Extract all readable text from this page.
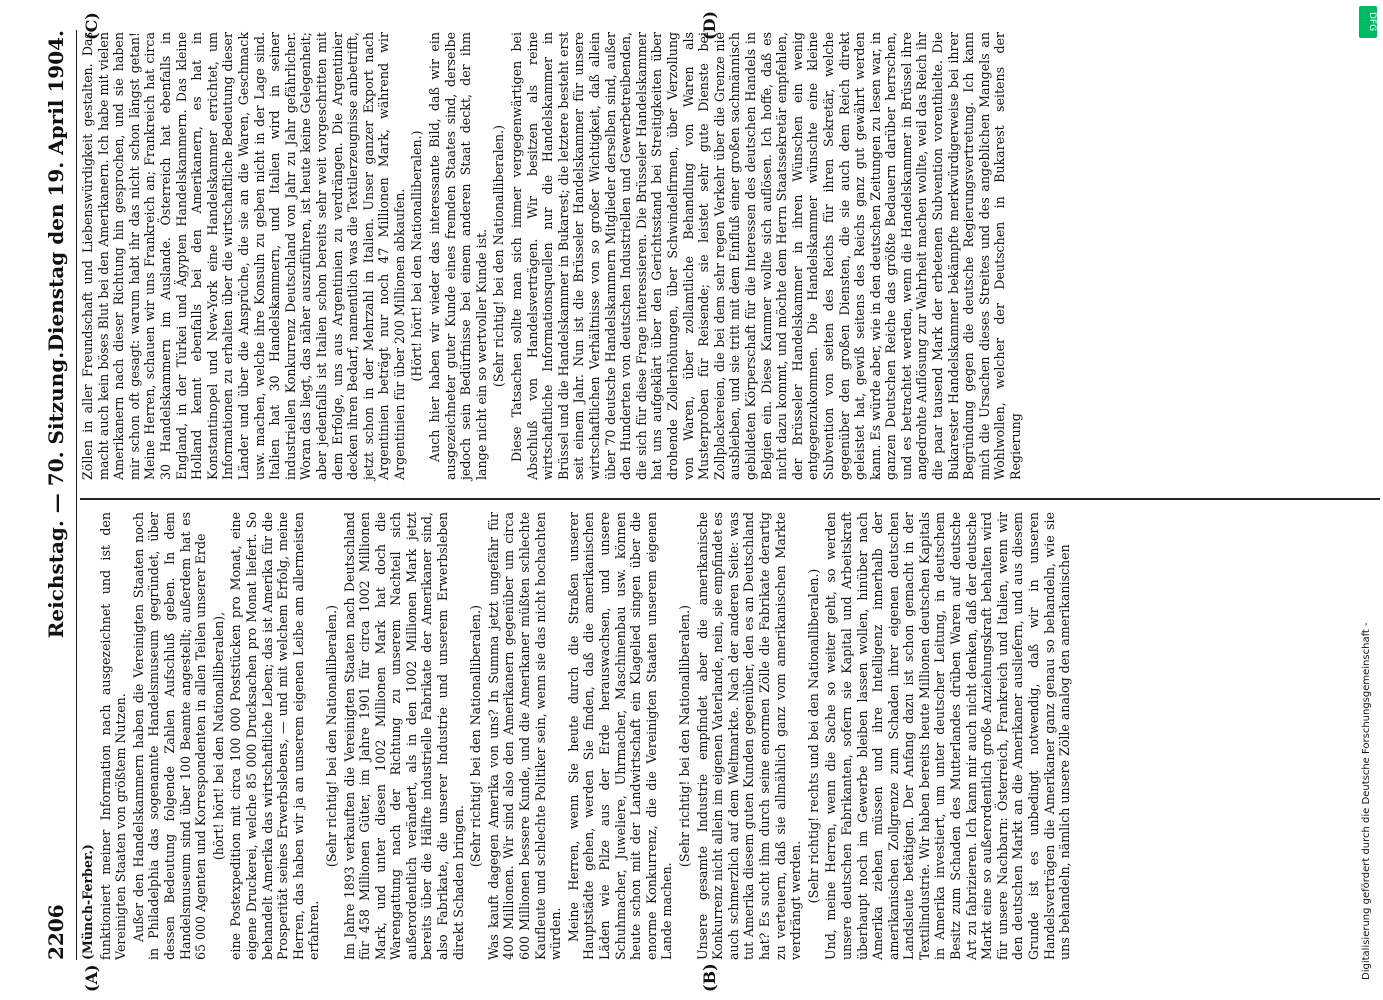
2206
Reichstag. — 70. Sitzung.
Dienstag den 19. April 1904.

(Münch-Ferber.) funktioniert meiner Information nach ausgezeichnet und ist den Vereinigten Staaten von größtem Nutzen. Außer den Handelskammern haben die Vereinigten Staaten noch in Philadelphia das sogenannte Handelsmuseum gegründet, über dessen Bedeutung folgende Zahlen Aufschluß geben. In dem Handelsmuseum sind über 100 Beamte angestellt; außerdem hat es 65 000 Agenten und Korrespondenten in allen Teilen unserer Erde (hört! hört! bei den Nationalliberalen), eine Postexpedition mit circa 100 000 Poststücken pro Monat, eine eigene Druckerei, welche 85 000 Drucksachen pro Monat liefert. So behandelt Amerika das wirtschaftliche Leben; das ist Amerika für die Prosperität seines Erwerbslebens, — und mit welchem Erfolg, meine Herren, das haben wir ja an unserem eigenen Leibe am allermeisten erfahren.

(Sehr richtig! bei den Nationalliberalen.) Im Jahre 1893 verkauften die Vereinigten Staaten nach Deutschland für 458 Millionen Güter, im Jahre 1901 für circa 1002 Millionen Mark, und unter diesen 1002 Millionen Mark hat doch die Warengattung nach der Richtung zu unserem Nachteil sich außerordentlich verändert, als in den 1002 Millionen Mark jetzt bereits über die Hälfte industrielle Fabrikate der Amerikaner sind, also Fabrikate, die unserer Industrie und unserem Erwerbsleben direkt Schaden bringen.

(Sehr richtig! bei den Nationalliberalen.) Was kauft dagegen Amerika von uns? In Summa jetzt ungefähr für 400 Millionen. Wir sind also den Amerikanern gegenüber um circa 600 Millionen bessere Kunde, und die Amerikaner müßten schlechte Kaufleute und schlechte Politiker sein, wenn sie das nicht hochachten würden. Meine Herren, wenn Sie heute durch die Straßen unserer Hauptstädte gehen, werden Sie finden, daß die amerikanischen Läden wie Pilze aus der Erde herauswachsen, und unsere Schuhmacher, Juweliere, Uhrmacher, Maschinenbau usw. können heute schon mit der Landwirtschaft ein Klagelied singen über die enorme Konkurrenz, die die Vereinigten Staaten unserem eigenen Lande machen.

(Sehr richtig! bei den Nationalliberalen.) Unsere gesamte Industrie empfindet aber die amerikanische Konkurrenz nicht allein im eigenen Vaterlande, nein, sie empfindet es auch schmerzlich auf dem Weltmarkte. Nach der anderen Seite: was tut Amerika diesem guten Kunden gegenüber, den es an Deutschland hat? Es sucht ihm durch seine enormen Zölle die Fabrikate derartig zu verteuern, daß sie allmählich ganz vom amerikanischen Markte verdrängt werden. (Sehr richtig! rechts und bei den Nationalliberalen.) Und, meine Herren, wenn die Sache so weiter geht, so werden unsere deutschen Fabrikanten, sofern sie Kapital und Arbeitskraft überhaupt noch im Gewerbe bleiben lassen wollen, hinüber nach Amerika ziehen müssen und ihre Intelligenz innerhalb der amerikanischen Zollgrenze zum Schaden ihrer eigenen deutschen Landsleute betätigen. Der Anfang dazu ist schon gemacht in der Textilindustrie. Wir haben bereits heute Millionen deutschen Kapitals in Amerika investiert, um unter deutscher Leitung, in deutschem Besitz zum Schaden des Mutterlandes drüben Waren auf deutsche Art zu fabrizieren. Ich kann mir auch nicht denken, daß der deutsche Markt eine so außerordentlich große Anziehungskraft behalten wird für unsere Nachbarn: Österreich, Frankreich und Italien, wenn wir den deutschen Markt an die Amerikaner ausliefern, und aus diesem Grunde ist es unbedingt notwendig, daß wir in unseren Handelsverträgen die Amerikaner ganz genau so behandeln, wie sie uns behandeln, nämlich unsere Zölle analog den amerikanischen

Zöllen in aller Freundschaft und Liebenswürdigkeit gestalten. Das macht auch kein böses Blut bei den Amerikanern. Ich habe mit vielen Amerikanern nach dieser Richtung hin gesprochen, und sie haben mir schon oft gesagt: warum habt ihr das nicht schon längst getan! Meine Herren, schauen wir uns Frankreich an; Frankreich hat circa 30 Handelskammern im Auslande. Österreich hat ebenfalls in England, in der Türkei und Ägypten Handelskammern. Das kleine Holland kennt ebenfalls bei den Amerikanern, es hat in Konstantinopel und New-York eine Handelskammer errichtet, um Informationen zu erhalten über die wirtschaftliche Bedeutung dieser Länder und über die Ansprüche, die sie an die Waren, Geschmack usw. machen, welche ihre Konsuln zu geben nicht in der Lage sind. Italien hat 30 Handelskammern, und Italien wird in seiner industriellen Konkurrenz Deutschland von Jahr zu Jahr gefährlicher. Woran das liegt, das näher auszuführen, ist heute keine Gelegenheit; aber jedenfalls ist Italien schon bereits sehr weit vorgeschritten mit dem Erfolge, uns aus Argentinien zu verdrängen. Die Argentinier decken ihren Bedarf, namentlich was die Textilerzeugnisse anbetrifft, jetzt schon in der Mehrzahl in Italien. Unser ganzer Export nach Argentinien beträgt nur noch 47 Millionen Mark, während wir Argentinien für über 200 Millionen abkaufen. (Hört! hört! bei den Nationalliberalen.) Auch hier haben wir wieder das interessante Bild, daß wir ein ausgezeichneter guter Kunde eines fremden Staates sind, derselbe jedoch sein Bedürfnisse bei einem anderen Staat deckt, der ihm lange nicht ein so wertvoller Kunde ist. (Sehr richtig! bei den Nationalliberalen.) Diese Tatsachen sollte man sich immer vergegenwärtigen bei Abschluß von Handelsverträgen. Wir besitzen als reine wirtschaftliche Informationsquellen nur die Handelskammer in Brüssel und die Handelskammer in Bukarest; die letztere besteht erst seit einem Jahr. Nun ist die Brüsseler Handelskammer für unsere wirtschaftlichen Verhältnisse von so großer Wichtigkeit, daß allein über 70 deutsche Handelskammern Mitglieder derselben sind, außer den Hunderten von deutschen Industriellen und Gewerbetreibenden, die sich für diese Frage interessieren. Die Brüsseler Handelskammer hat uns aufgeklärt über den Gerichtsstand bei Streitigkeiten über drohende Zollerhöhungen, über Schwindelfirmen, über Verzollung von Waren, über zollamtliche Behandlung von Waren als Musterproben für Reisende; sie leistet sehr gute Dienste bei Zollplackereien, die bei dem sehr regen Verkehr über die Grenze nie ausbleiben, und sie tritt mit dem Einfluß einer großen sachmännisch gebildeten Körperschaft für die Interessen des deutschen Handels in Belgien ein. Diese Kammer wollte sich auflösen. Ich hoffe, daß es nicht dazu kommt, und möchte dem Herrn Staatssekretär empfehlen, der Brüsseler Handelskammer in ihren Wünschen ein wenig entgegenzukommen. Die Handelskammer wünschte eine kleine Subvention von seiten des Reichs für ihren Sekretär, welche gegenüber den großen Diensten, die sie auch dem Reich direkt geleistet hat, gewiß seitens des Reichs ganz gut gewährt werden kann. Es würde aber, wie in den deutschen Zeitungen zu lesen war, in ganzen Deutschen Reiche das größte Bedauern darüber herrschen, und es betrachtet werden, wenn die Handelskammer in Brüssel ihre angedrohte Auflösung zur Wahrheit machen wollte, weil das Reich ihr die paar tausend Mark der erbetenen Subvention vorenthielte. Die Bukarester Handelskammer bekämpfte merkwürdigerweise bei ihrer Begründung gegen die deutsche Regierungsvertretung. Ich kann mich die Ursachen dieses Streites und des angeblichen Mangels an Wohlwollen, welcher der Deutschen in Bukarest seitens der Regierung

(A)	(B)
(C)	(D)	DFG
Digitalisierung gefördert durch die Deutsche Forschungsgemeinschaft -
